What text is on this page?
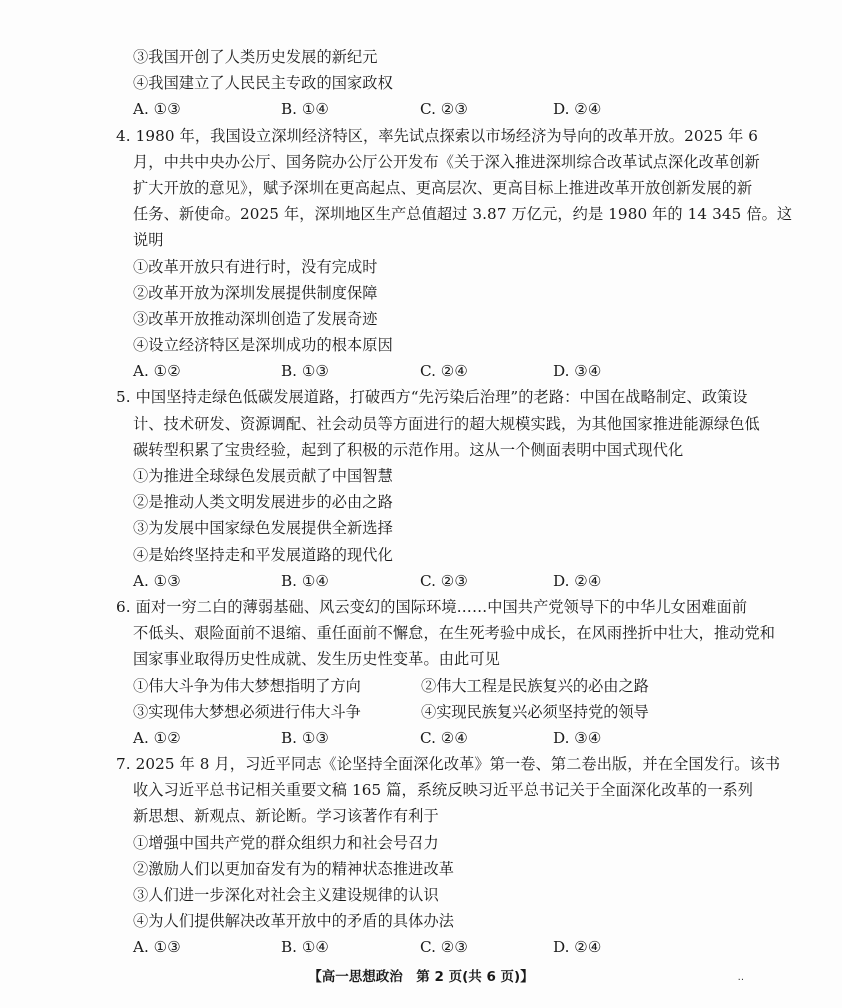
③我国开创了人类历史发展的新纪元
④我国建立了人民民主专政的国家政权
A. ①③	B. ①④	C. ②③	D. ②④
4. 1980 年，我国设立深圳经济特区，率先试点探索以市场经济为导向的改革开放。2025 年 6
月，中共中央办公厅、国务院办公厅公开发布《关于深入推进深圳综合改革试点深化改革创新
扩大开放的意见》，赋予深圳在更高起点、更高层次、更高目标上推进改革开放创新发展的新
任务、新使命。2025 年，深圳地区生产总值超过 3.87 万亿元，约是 1980 年的 14 345 倍。这
说明
①改革开放只有进行时，没有完成时
②改革开放为深圳发展提供制度保障
③改革开放推动深圳创造了发展奇迹
④设立经济特区是深圳成功的根本原因
A. ①②	B. ①③	C. ②④	D. ③④
5. 中国坚持走绿色低碳发展道路，打破西方“先污染后治理”的老路：中国在战略制定、政策设
计、技术研发、资源调配、社会动员等方面进行的超大规模实践，为其他国家推进能源绿色低
碳转型积累了宝贵经验，起到了积极的示范作用。这从一个侧面表明中国式现代化
①为推进全球绿色发展贡献了中国智慧
②是推动人类文明发展进步的必由之路
③为发展中国家绿色发展提供全新选择
④是始终坚持走和平发展道路的现代化
A. ①③	B. ①④	C. ②③	D. ②④
6. 面对一穷二白的薄弱基础、风云变幻的国际环境……中国共产党领导下的中华儿女困难面前
不低头、艰险面前不退缩、重任面前不懈怠，在生死考验中成长，在风雨挫折中壮大，推动党和
国家事业取得历史性成就、发生历史性变革。由此可见
①伟大斗争为伟大梦想指明了方向	②伟大工程是民族复兴的必由之路
③实现伟大梦想必须进行伟大斗争	④实现民族复兴必须坚持党的领导
A. ①②	B. ①③	C. ②④	D. ③④
7. 2025 年 8 月，习近平同志《论坚持全面深化改革》第一卷、第二卷出版，并在全国发行。该书
收入习近平总书记相关重要文稿 165 篇，系统反映习近平总书记关于全面深化改革的一系列
新思想、新观点、新论断。学习该著作有利于
①增强中国共产党的群众组织力和社会号召力
②激励人们以更加奋发有为的精神状态推进改革
③人们进一步深化对社会主义建设规律的认识
④为人们提供解决改革开放中的矛盾的具体办法
A. ①③	B. ①④	C. ②③	D. ②④
【高一思想政治　第 2 页(共 6 页)】	··
